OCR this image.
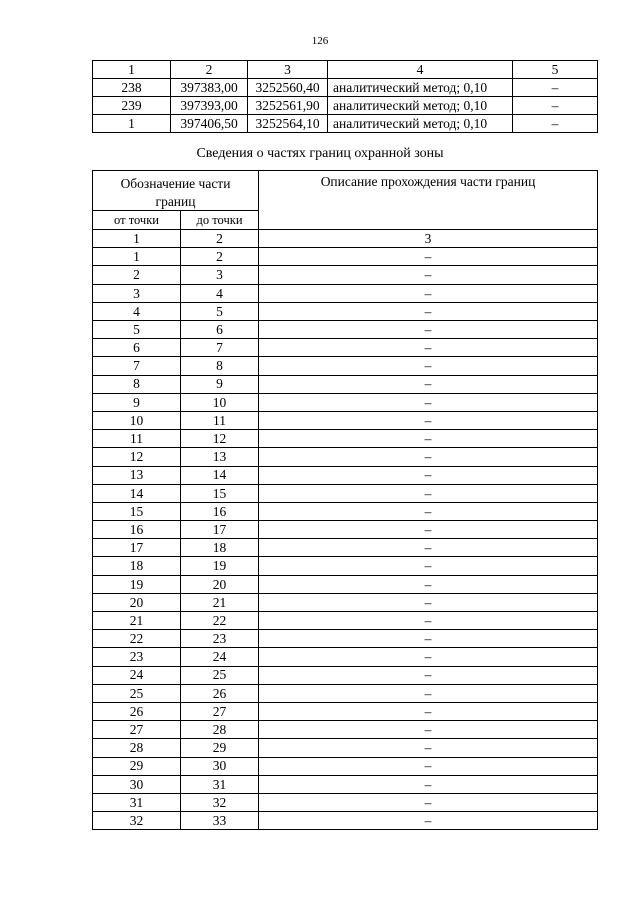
126
1	2	3	4	5
238	397383,00	3252560,40	аналитический метод; 0,10	–
239	397393,00	3252561,90	аналитический метод; 0,10	–
1	397406,50	3252564,10	аналитический метод; 0,10	–
Сведения о частях границ охранной зоны
Обозначение части границ		Описание прохождения части границ
от точки	до точки	
1	2	3
1	2	–
2	3	–
3	4	–
4	5	–
5	6	–
6	7	–
7	8	–
8	9	–
9	10	–
10	11	–
11	12	–
12	13	–
13	14	–
14	15	–
15	16	–
16	17	–
17	18	–
18	19	–
19	20	–
20	21	–
21	22	–
22	23	–
23	24	–
24	25	–
25	26	–
26	27	–
27	28	–
28	29	–
29	30	–
30	31	–
31	32	–
32	33	–
